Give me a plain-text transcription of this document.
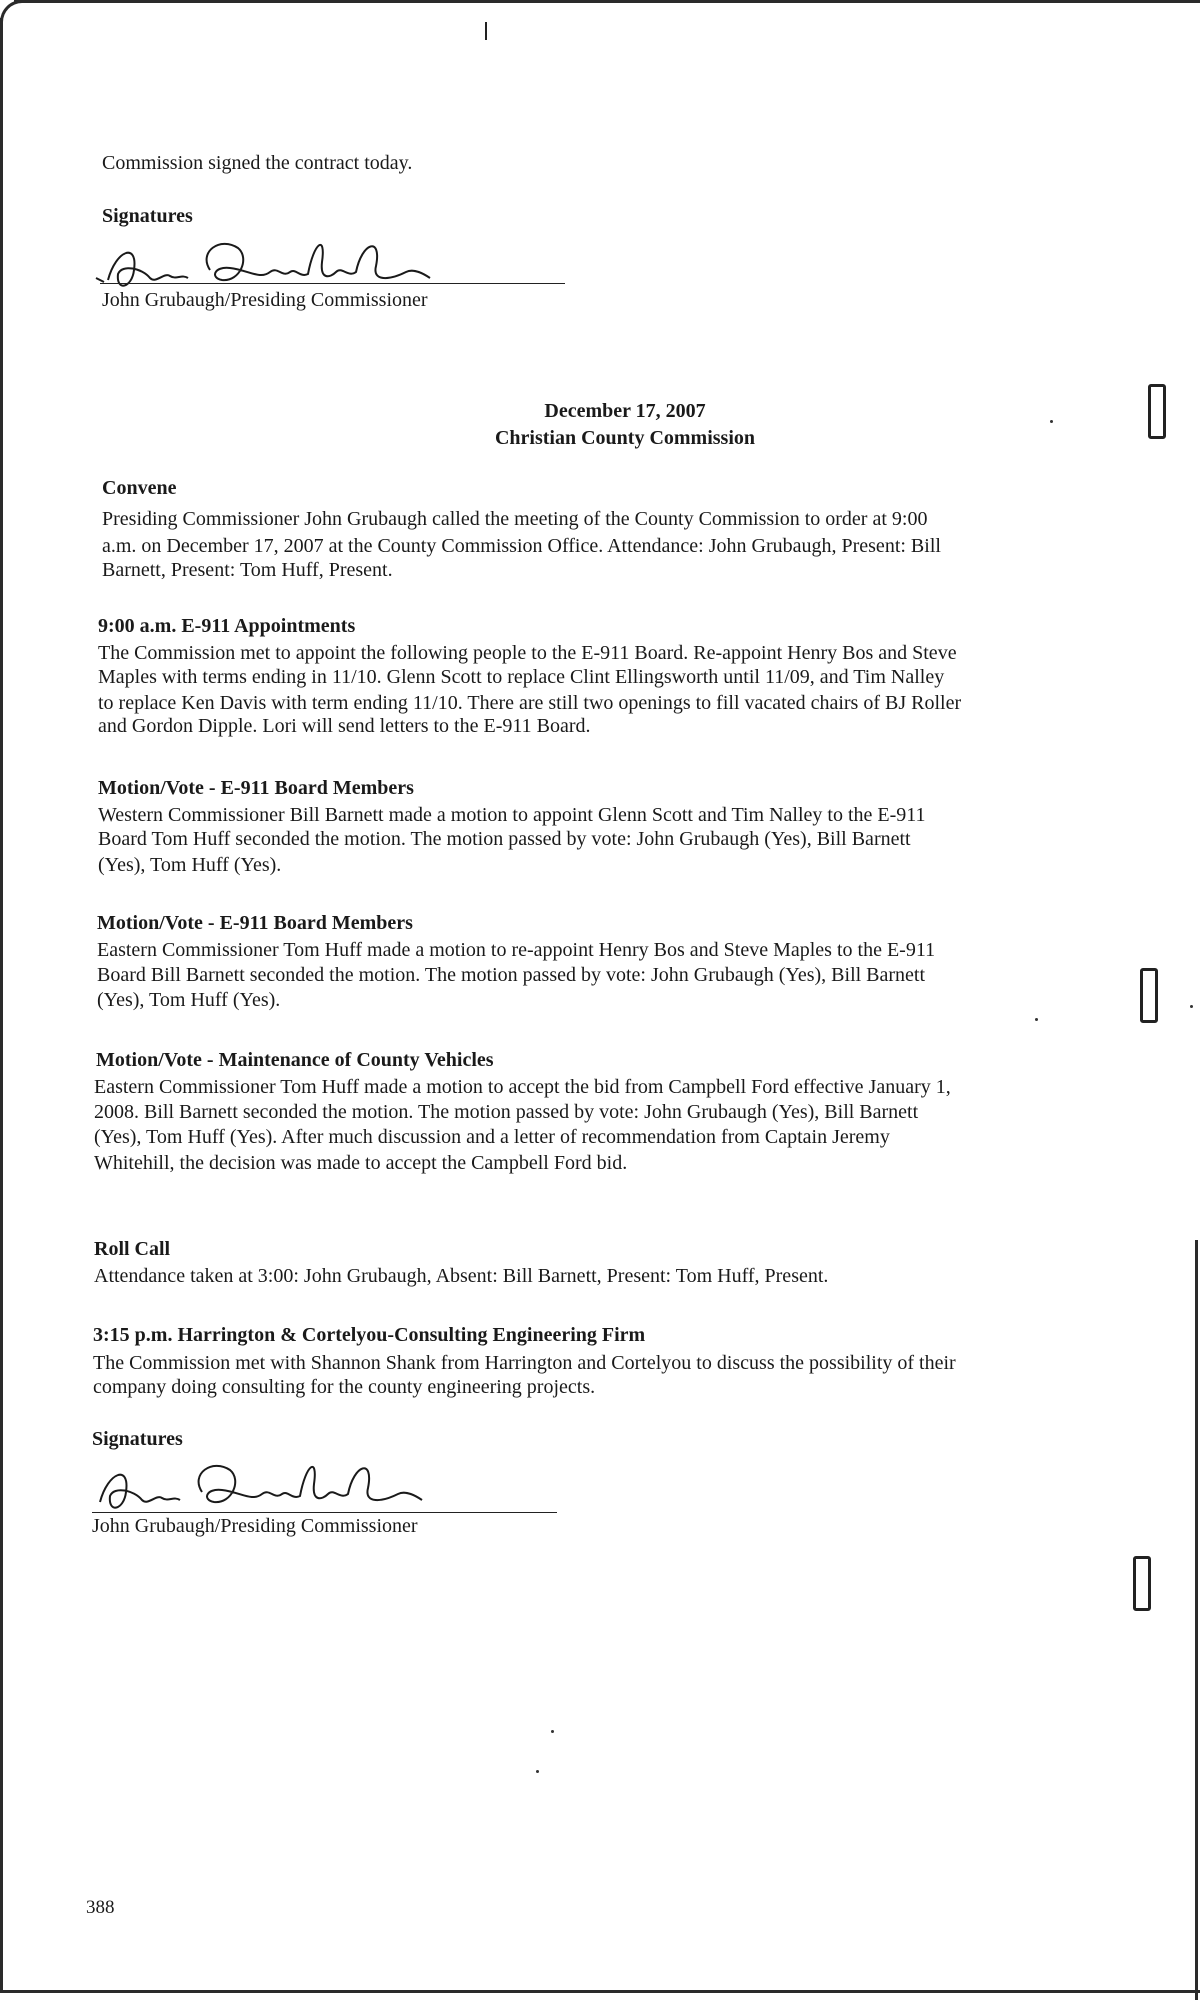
Commission signed the contract today.
Signatures
John Grubaugh/Presiding Commissioner
December 17, 2007
Christian County Commission
Convene
Presiding Commissioner John Grubaugh called the meeting of the County Commission to order at 9:00
a.m. on December 17, 2007 at the County Commission Office. Attendance: John Grubaugh, Present: Bill
Barnett, Present: Tom Huff, Present.
9:00 a.m. E-911 Appointments
The Commission met to appoint the following people to the E-911 Board. Re-appoint Henry Bos and Steve
Maples with terms ending in 11/10. Glenn Scott to replace Clint Ellingsworth until 11/09, and Tim Nalley
to replace Ken Davis with term ending 11/10. There are still two openings to fill vacated chairs of BJ Roller
and Gordon Dipple. Lori will send letters to the E-911 Board.
Motion/Vote - E-911 Board Members
Western Commissioner Bill Barnett made a motion to appoint Glenn Scott and Tim Nalley to the E-911
Board Tom Huff seconded the motion. The motion passed by vote: John Grubaugh (Yes), Bill Barnett
(Yes), Tom Huff (Yes).
Motion/Vote - E-911 Board Members
Eastern Commissioner Tom Huff made a motion to re-appoint Henry Bos and Steve Maples to the E-911
Board Bill Barnett seconded the motion. The motion passed by vote: John Grubaugh (Yes), Bill Barnett
(Yes), Tom Huff (Yes).
Motion/Vote - Maintenance of County Vehicles
Eastern Commissioner Tom Huff made a motion to accept the bid from Campbell Ford effective January 1,
2008. Bill Barnett seconded the motion. The motion passed by vote: John Grubaugh (Yes), Bill Barnett
(Yes), Tom Huff (Yes). After much discussion and a letter of recommendation from Captain Jeremy
Whitehill, the decision was made to accept the Campbell Ford bid.
Roll Call
Attendance taken at 3:00: John Grubaugh, Absent: Bill Barnett, Present: Tom Huff, Present.
3:15 p.m. Harrington & Cortelyou-Consulting Engineering Firm
The Commission met with Shannon Shank from Harrington and Cortelyou to discuss the possibility of their
company doing consulting for the county engineering projects.
Signatures
John Grubaugh/Presiding Commissioner
388
